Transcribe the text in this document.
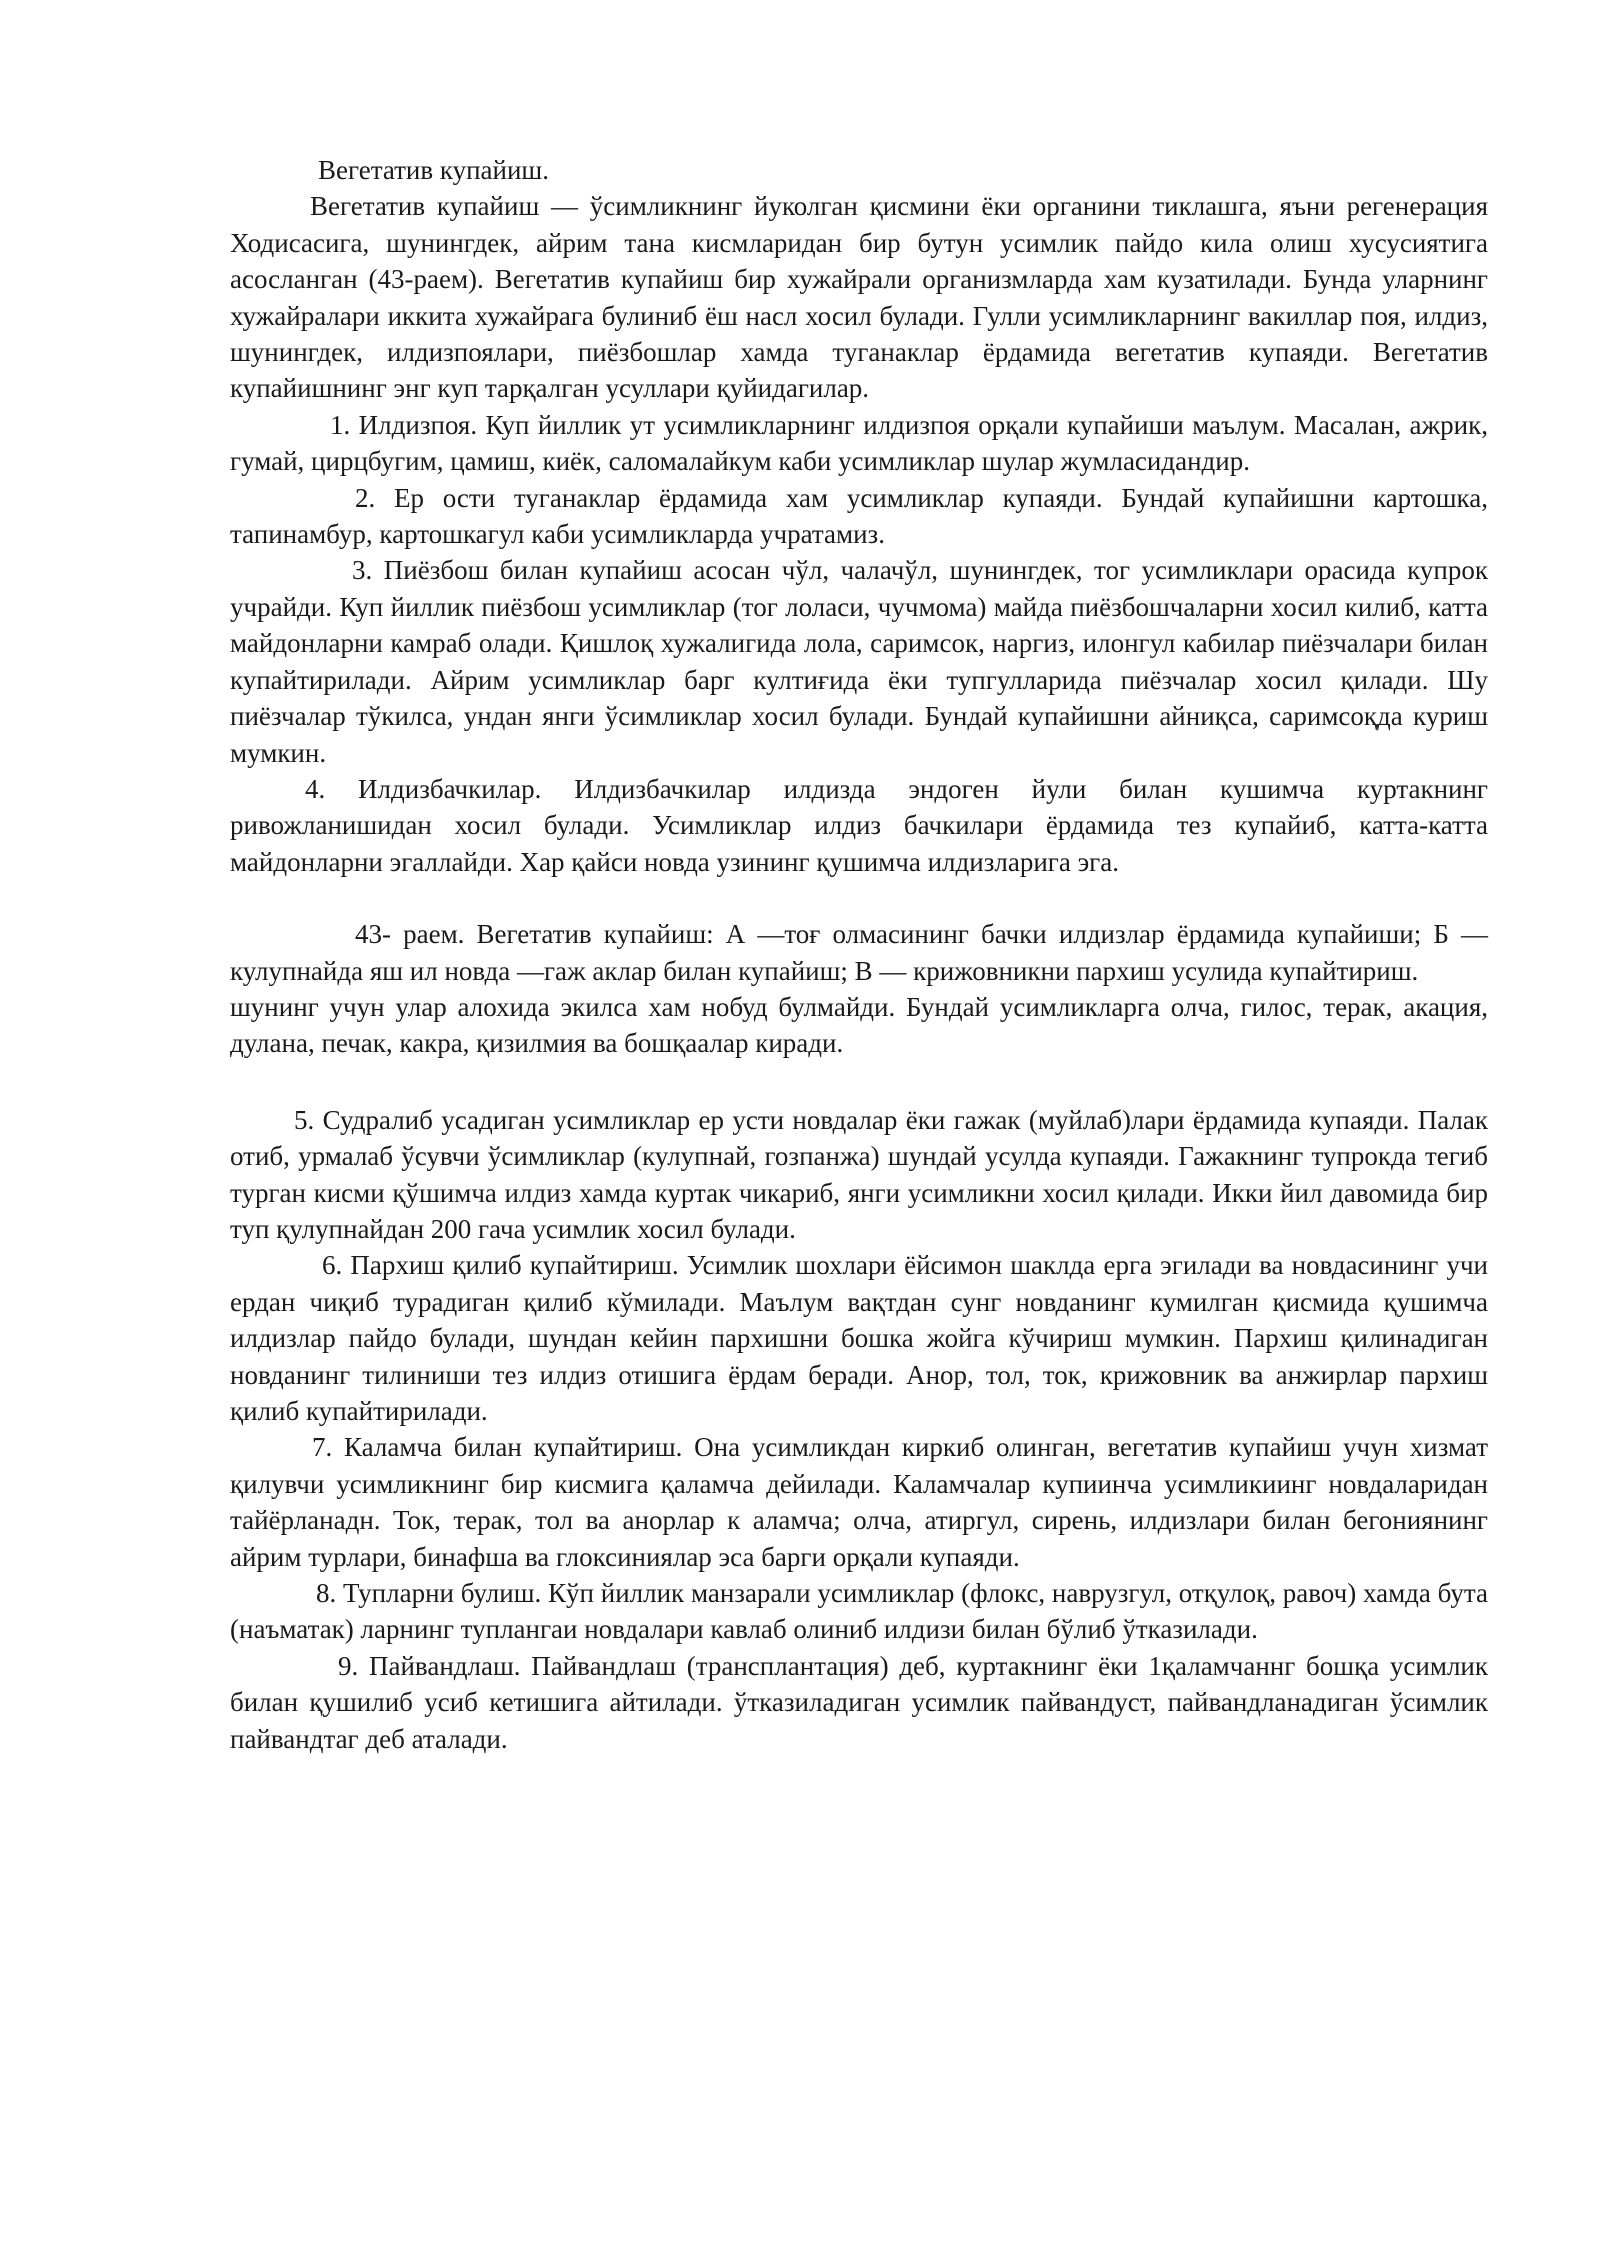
Вегетатив купайиш.

Вегетатив купайиш — ўсимликнинг йуколган қисмини ёки органини тиклашга, яъни регенерация Ходисасига, шунингдек, айрим тана кисмларидан бир бутун усимлик пайдо кила олиш хусусиятига асосланган (43-раем). Вегетатив купайиш бир хужайрали организмларда хам кузатилади. Бунда уларнинг хужайралари иккита хужайрага булиниб ёш насл хосил булади. Гулли усимликларнинг вакиллар поя, илдиз, шунингдек, илдизпоялари, пиёзбошлар хамда туганаклар ёрдамида вегетатив купаяди. Вегетатив купайишнинг энг куп тарқалган усуллари қуйидагилар.

1. Илдизпоя. Куп йиллик ут усимликларнинг илдизпоя орқали купайиши маълум. Масалан, ажрик, гумай, цирцбугим, цамиш, киёк, саломалайкум каби усимликлар шулар жумласидандир.

2. Ер ости туганаклар ёрдамида хам усимликлар купаяди. Бундай купайишни картошка, тапинамбур, картошкагул каби усимликларда учратамиз.

3. Пиёзбош билан купайиш асосан чўл, чалачўл, шунингдек, тог усимликлари орасида купрок учрайди. Куп йиллик пиёзбош усимликлар (тог лоласи, чучмома) майда пиёзбошчаларни хосил килиб, катта майдонларни камраб олади. Қишлоқ хужалигида лола, саримсок, наргиз, илонгул кабилар пиёзчалари билан купайтирилади. Айрим усимликлар барг култиғида ёки тупгулларида пиёзчалар хосил қилади. Шу пиёзчалар тўкилса, ундан янги ўсимликлар хосил булади. Бундай купайишни айниқса, саримсоқда куриш мумкин.

4. Илдизбачкилар. Илдизбачкилар илдизда эндоген йули билан кушимча куртакнинг ривожланишидан хосил булади. Усимликлар илдиз бачкилари ёрдамида тез купайиб, катта-катта майдонларни эгаллайди. Хар қайси новда узининг қушимча илдизларига эга.

43- раем. Вегетатив купайиш: А —тоғ олмасининг бачки илдизлар ёрдамида купайиши; Б — кулупнайда яш ил новда —гаж аклар билан купайиш; В — крижовникни пархиш усулида купайтириш.

шунинг учун улар алохида экилса хам нобуд булмайди. Бундай усимликларга олча, гилос, терак, акация, дулана, печак, какра, қизилмия ва бошқаалар киради.

5. Судралиб усадиган усимликлар ер усти новдалар ёки гажак (муйлаб)лари ёрдамида купаяди. Палак отиб, урмалаб ўсувчи ўсимликлар (кулупнай, гозпанжа) шундай усулда купаяди. Гажакнинг тупрокда тегиб турган кисми қўшимча илдиз хамда куртак чикариб, янги усимликни хосил қилади. Икки йил давомида бир туп қулупнайдан 200 гача усимлик хосил булади.

6. Пархиш қилиб купайтириш. Усимлик шохлари ёйсимон шаклда ерга эгилади ва новдасининг учи ердан чиқиб турадиган қилиб кўмилади. Маълум вақтдан сунг новданинг кумилган қисмида қушимча илдизлар пайдо булади, шундан кейин пархишни бошка жойга кўчириш мумкин. Пархиш қилинадиган новданинг тилиниши тез илдиз отишига ёрдам беради. Анор, тол, ток, крижовник ва анжирлар пархиш қилиб купайтирилади.

7. Каламча билан купайтириш. Она усимликдан киркиб олинган, вегетатив купайиш учун хизмат қилувчи усимликнинг бир кисмига қаламча дейилади. Каламчалар купиинча усимликиинг новдаларидан тайёрланадн. Ток, терак, тол ва анорлар к аламча; олча, атиргул, сирень, илдизлари билан бегониянинг айрим турлари, бинафша ва глоксиниялар эса барги орқали купаяди.

8. Тупларни булиш. Кўп йиллик манзарали усимликлар (флокс, наврузгул, отқулоқ, равоч) хамда бута (наъматак) ларнинг туплангаи новдалари кавлаб олиниб илдизи билан бўлиб ўтказилади.

9. Пайвандлаш. Пайвандлаш (трансплантация) деб, куртакнинг ёки 1қаламчаннг бошқа усимлик билан қушилиб усиб кетишига айтилади. ўтказиладиган усимлик пайвандуст, пайвандланадиган ўсимлик пайвандтаг деб аталади.
